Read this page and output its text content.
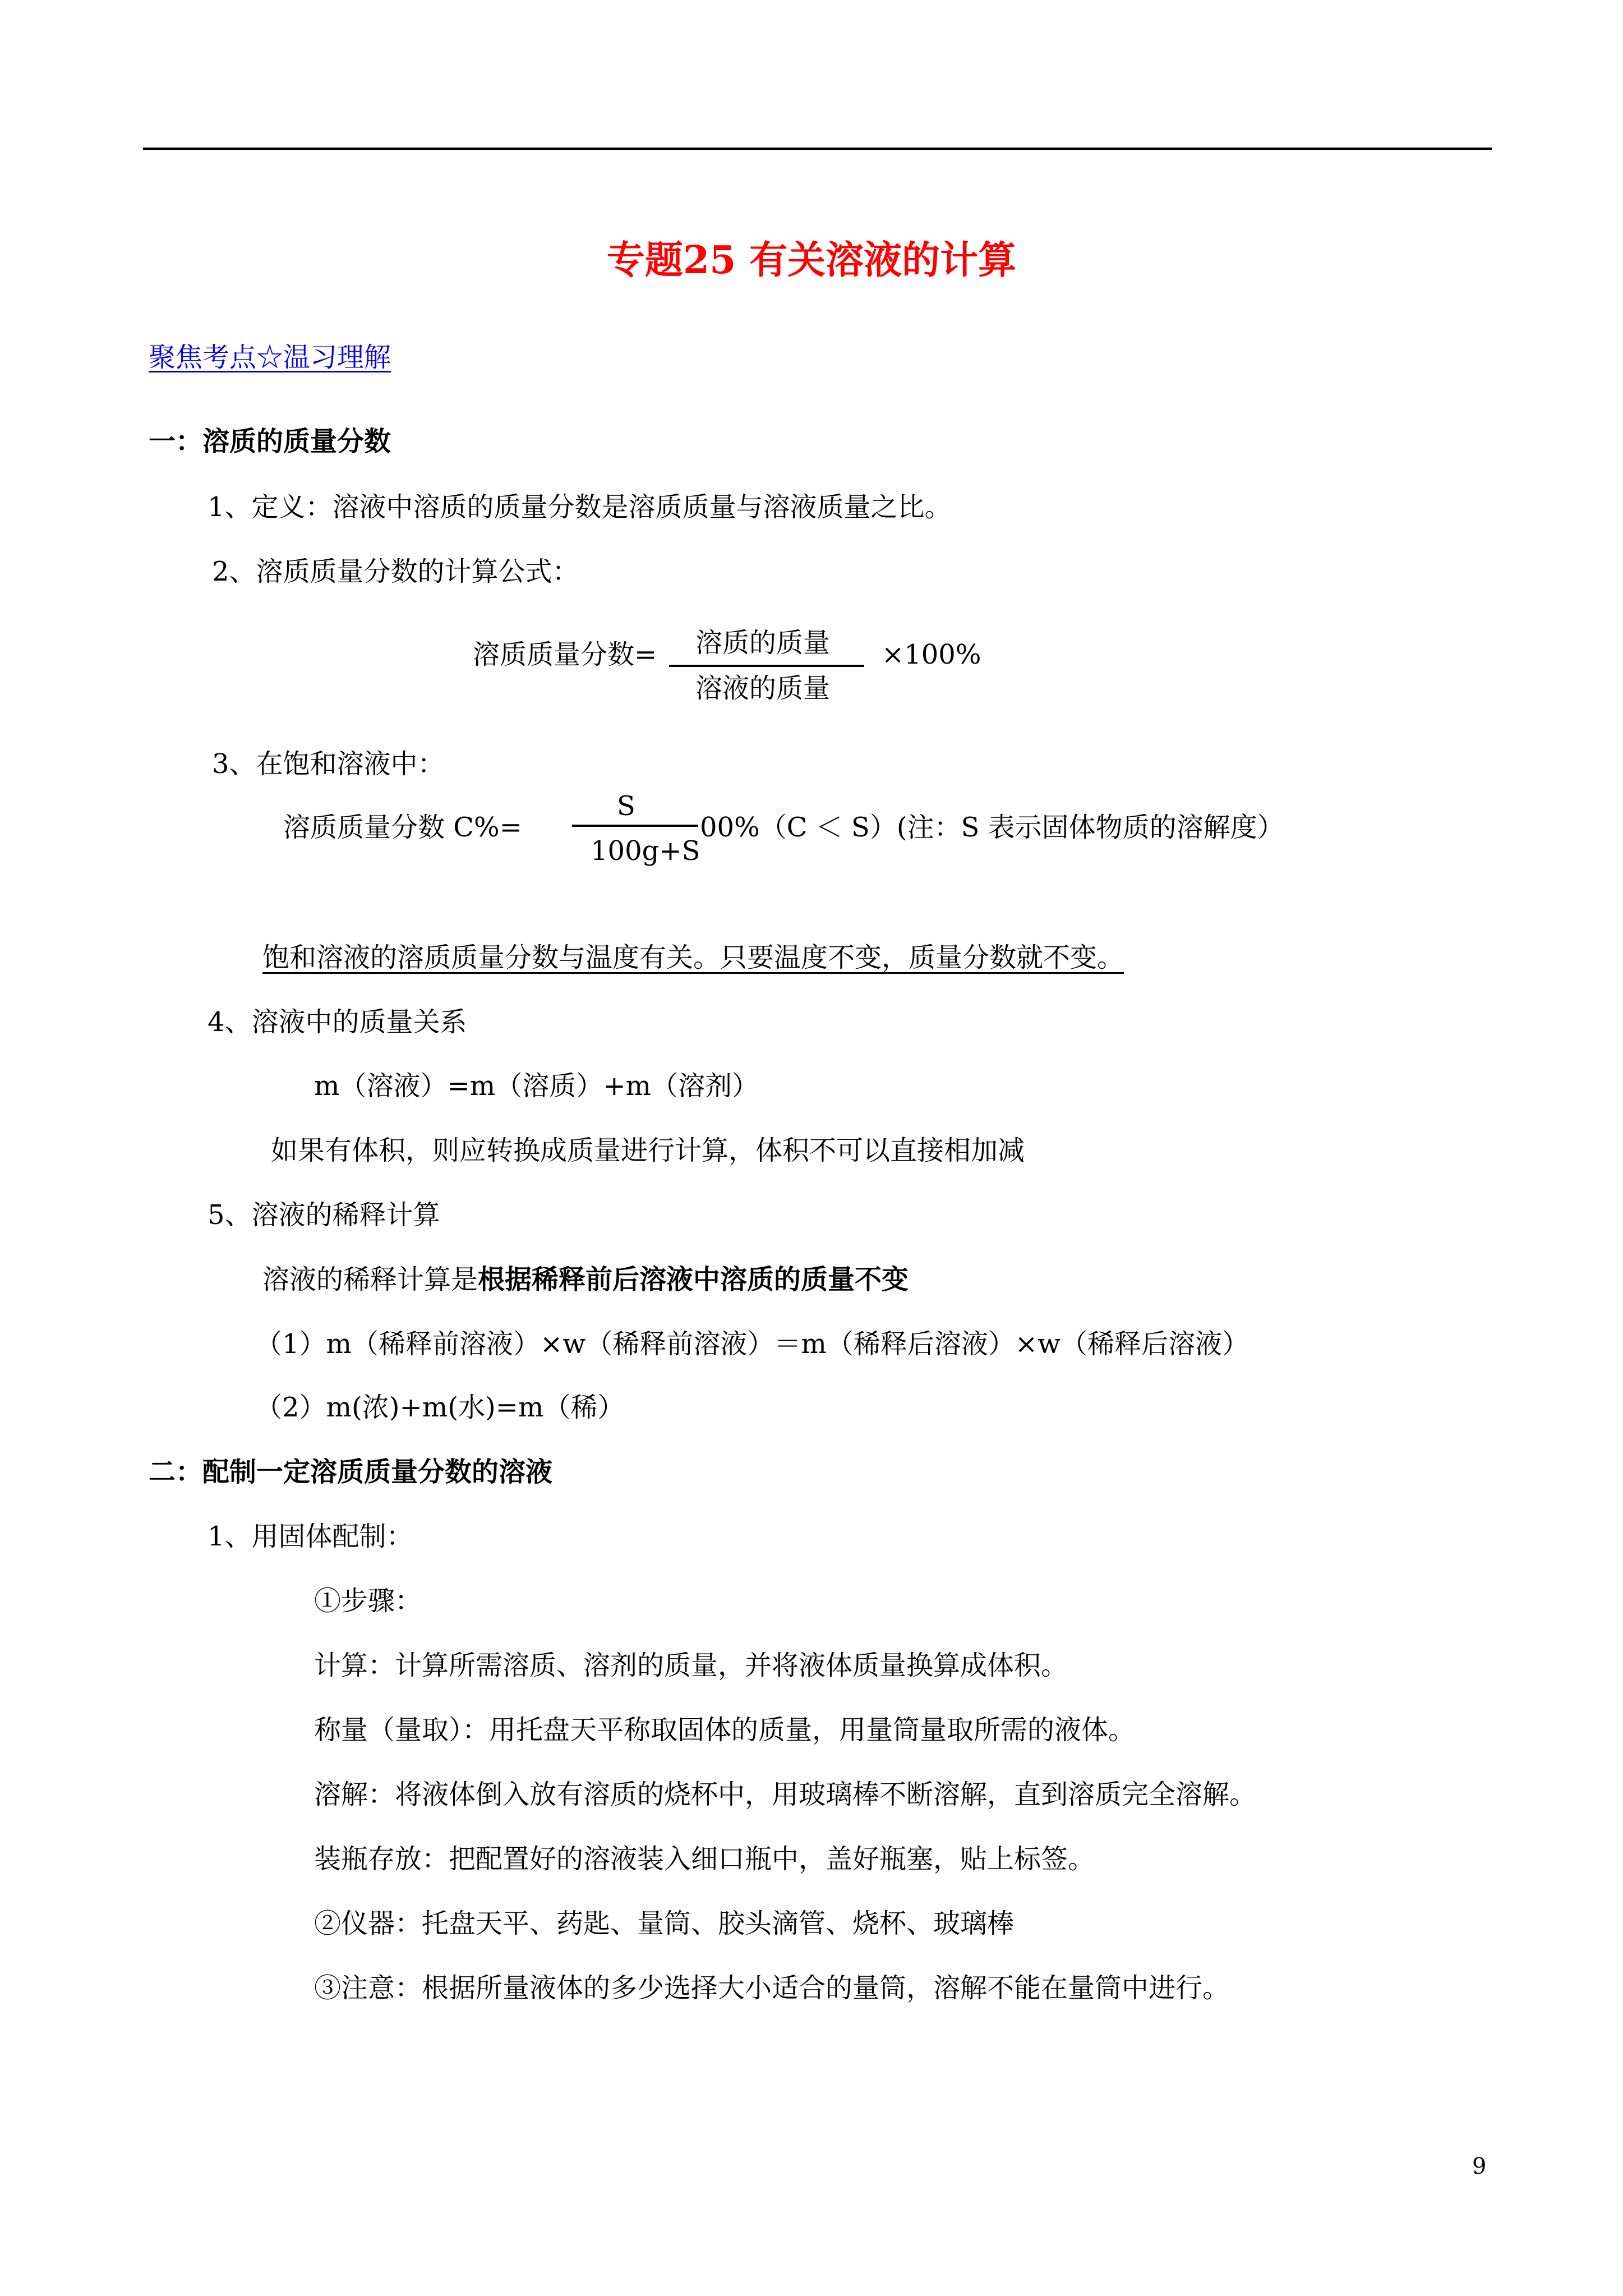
专题25 有关溶液的计算
聚焦考点☆温习理解
一：溶质的质量分数
1、定义：溶液中溶质的质量分数是溶质质量与溶液质量之比。
2、溶质质量分数的计算公式：
溶质质量分数= 溶质的质量
溶液的质量
×100%
3、在饱和溶液中：
溶质质量分数 C%=
S
100g+S
00%（C ＜ S）(注：S 表示固体物质的溶解度）
饱和溶液的溶质质量分数与温度有关。只要温度不变，质量分数就不变。
4、溶液中的质量关系
m（溶液）=m（溶质）+m（溶剂）
如果有体积，则应转换成质量进行计算，体积不可以直接相加减
5、溶液的稀释计算
溶液的稀释计算是根据稀释前后溶液中溶质的质量不变
（1）m（稀释前溶液）×w（稀释前溶液）＝m（稀释后溶液）×w（稀释后溶液）
（2）m(浓)+m(水)=m（稀）
二：配制一定溶质质量分数的溶液
1、用固体配制：
①步骤：
计算：计算所需溶质、溶剂的质量，并将液体质量换算成体积。
称量（量取）：用托盘天平称取固体的质量，用量筒量取所需的液体。
溶解：将液体倒入放有溶质的烧杯中，用玻璃棒不断溶解，直到溶质完全溶解。
装瓶存放：把配置好的溶液装入细口瓶中，盖好瓶塞，贴上标签。
②仪器：托盘天平、药匙、量筒、胶头滴管、烧杯、玻璃棒
③注意：根据所量液体的多少选择大小适合的量筒，溶解不能在量筒中进行。
9
